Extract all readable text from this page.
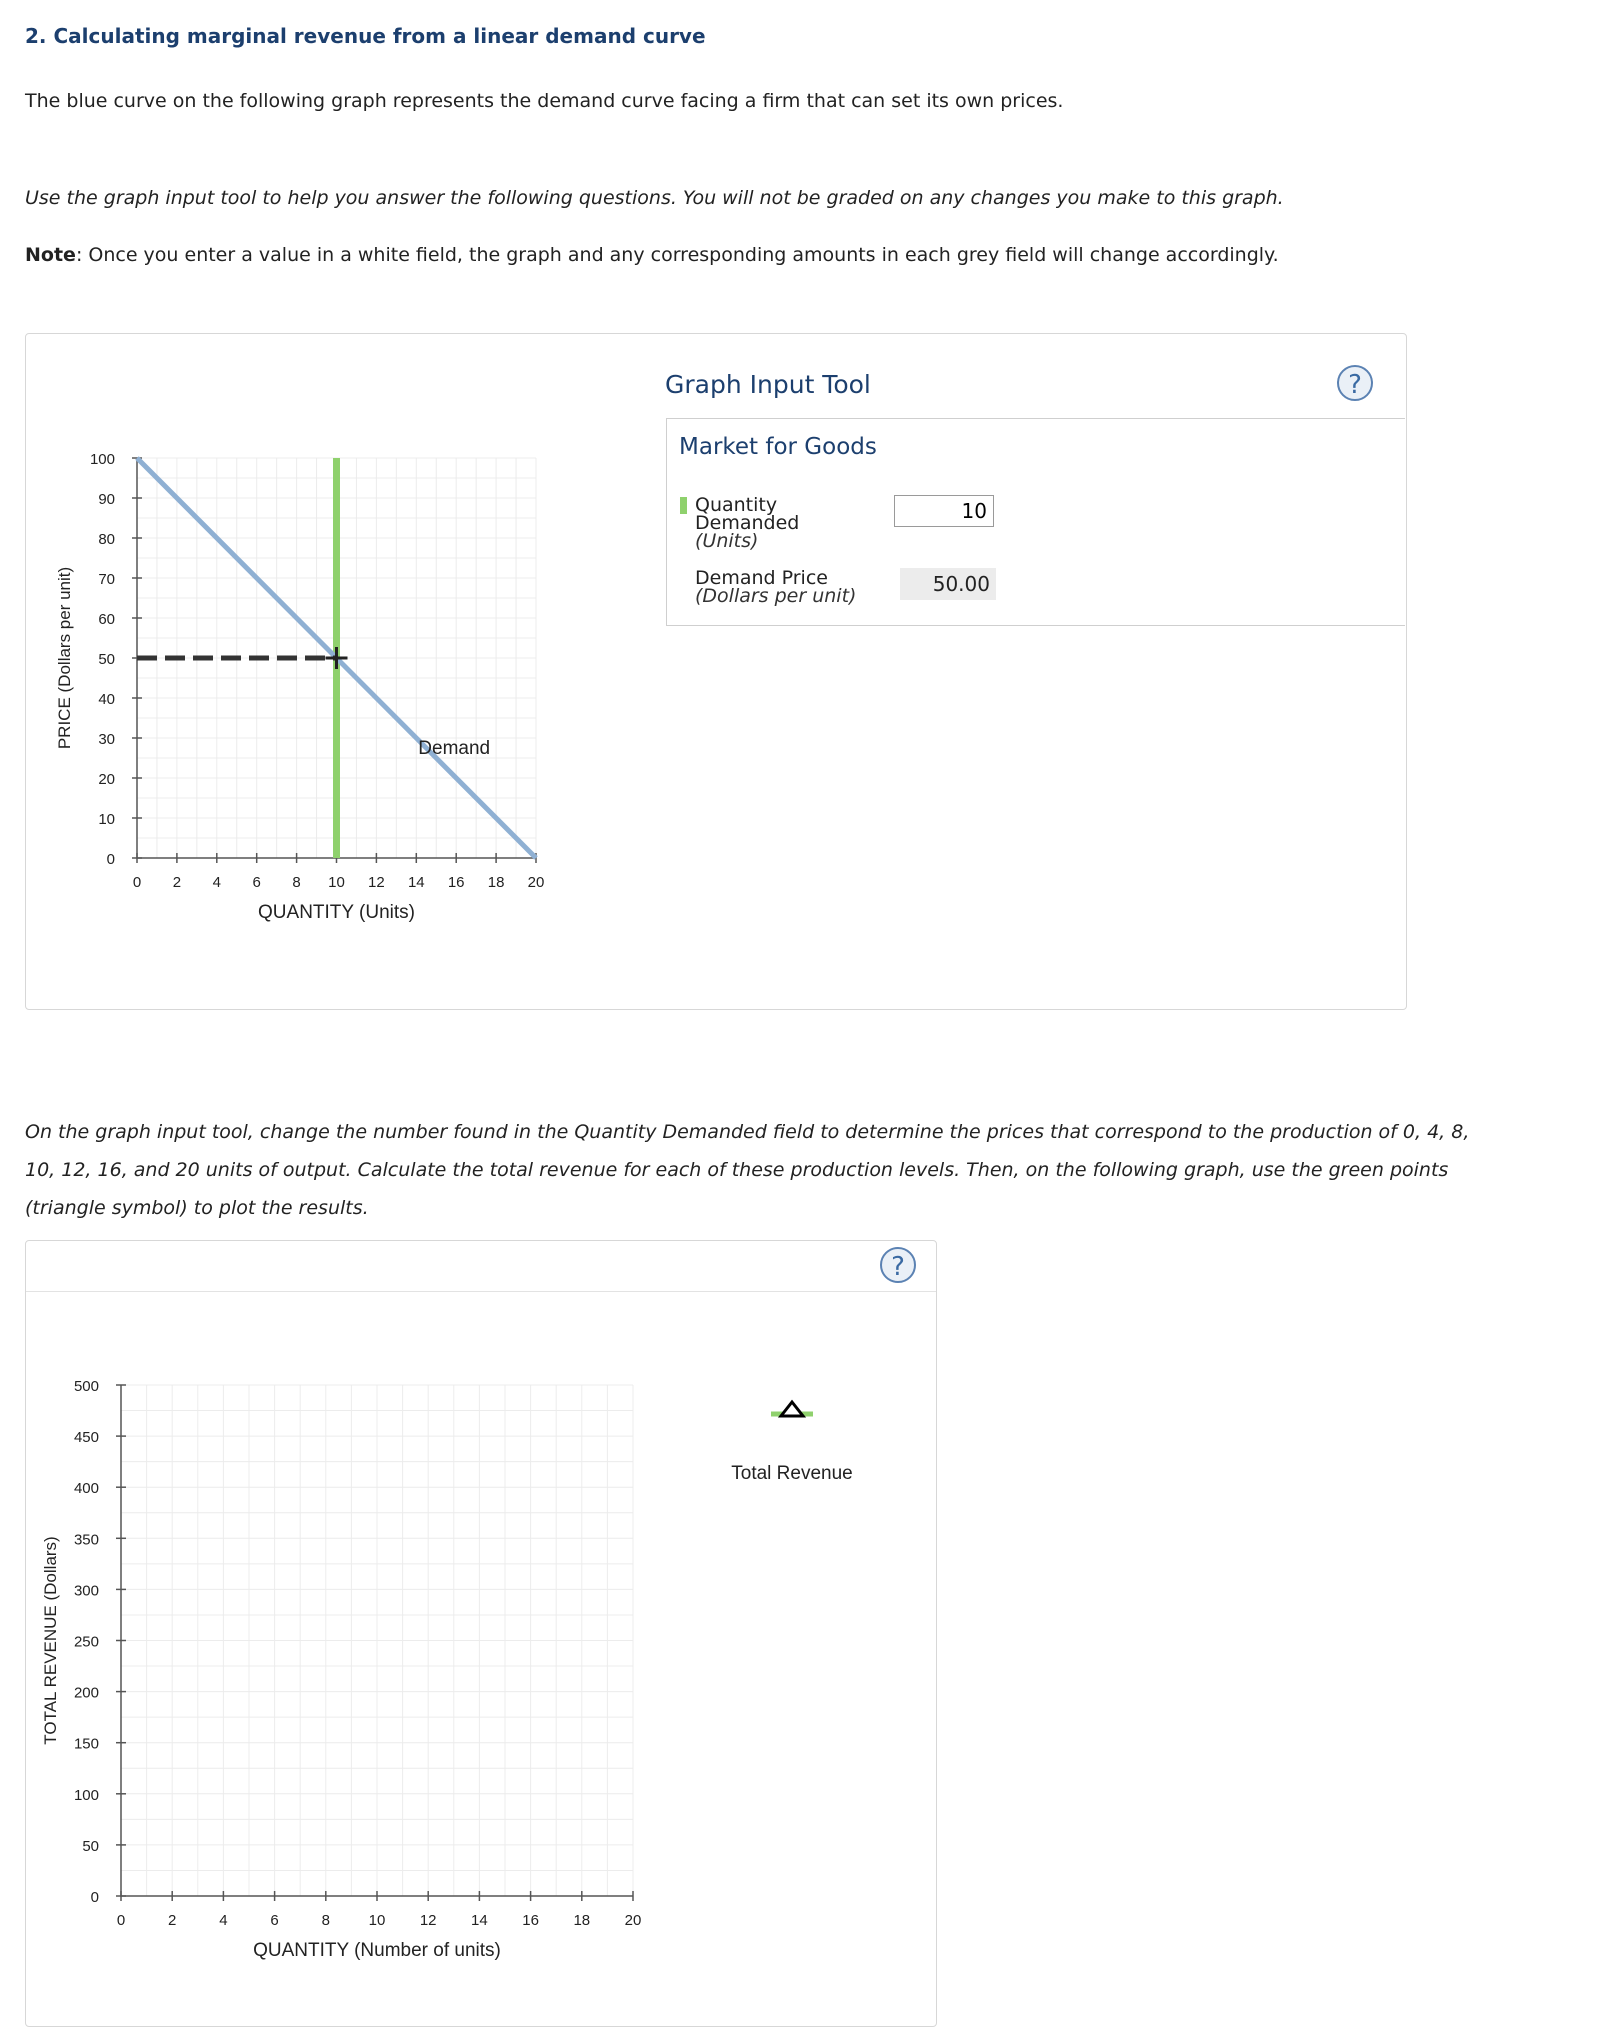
2. Calculating marginal revenue from a linear demand curve
The blue curve on the following graph represents the demand curve facing a firm that can set its own prices.
Use the graph input tool to help you answer the following questions. You will not be graded on any changes you make to this graph.
Note: Once you enter a value in a white field, the graph and any corresponding amounts in each grey field will change accordingly.
0
10
20
30
40
50
60
70
80
90
100
0 2 4 6 8 10 12 14 16 18 20
Demand
QUANTITY (Units)
PRICE (Dollars per unit)
Graph Input Tool	?
Market for Goods
Quantity
Demanded
(Units)
10
Demand Price
(Dollars per unit)	50.00
On the graph input tool, change the number found in the Quantity Demanded field to determine the prices that correspond to the production of 0, 4, 8, 10, 12, 16, and 20 units of output. Calculate the total revenue for each of these production levels. Then, on the following graph, use the green points (triangle symbol) to plot the results.
?
0
50
100
150
200
250
300
350
400
450
500
0	2	4	6	8	10 12 14 16 18 20
Total Revenue
QUANTITY (Number of units)
TOTAL REVENUE (Dollars)
